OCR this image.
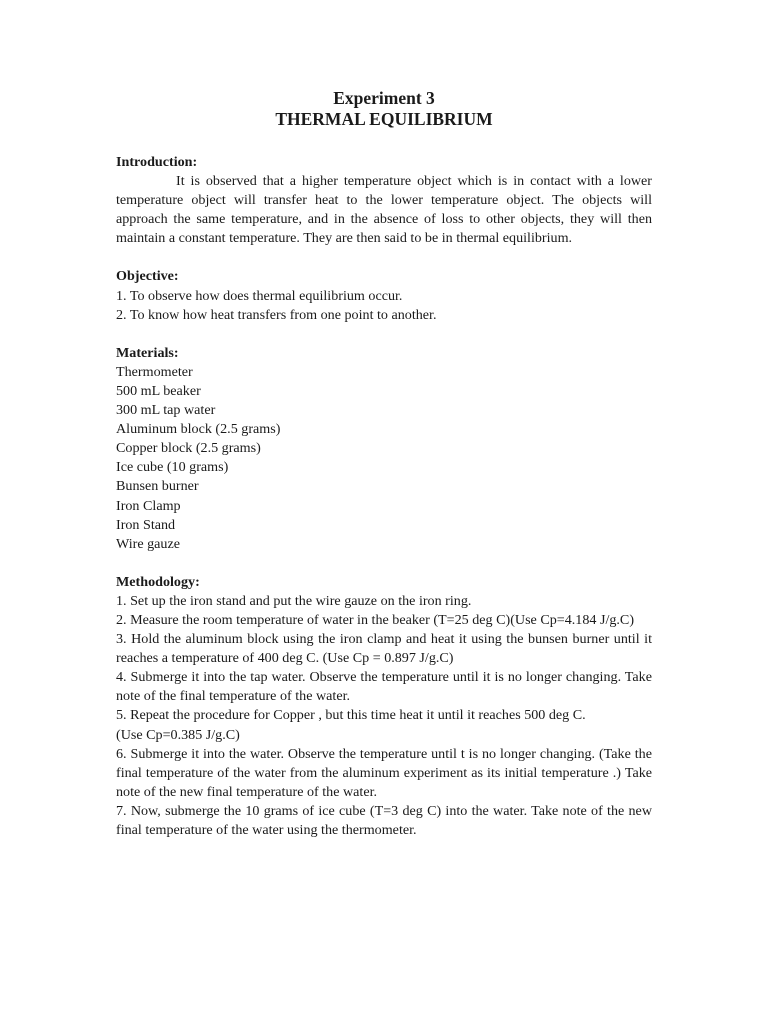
Experiment 3
THERMAL EQUILIBRIUM
Introduction:
It is observed that a higher temperature object which is in contact with a lower temperature object will transfer heat to the lower temperature object. The objects will approach the same temperature, and in the absence of loss to other objects, they will then maintain a constant temperature. They are then said to be in thermal equilibrium.
Objective:
1. To observe how does thermal equilibrium occur.
2. To know how heat transfers from one point to another.
Materials:
Thermometer
500 mL beaker
300 mL tap water
Aluminum block (2.5 grams)
Copper block (2.5 grams)
Ice cube (10 grams)
Bunsen burner
Iron Clamp
Iron Stand
Wire gauze
Methodology:
1. Set up the iron stand and put the wire gauze on the iron ring.
2. Measure the room temperature of water in the beaker (T=25 deg C)(Use Cp=4.184 J/g.C)
3. Hold the aluminum block using the iron clamp and heat it using the bunsen burner until it reaches a temperature of 400 deg C. (Use Cp = 0.897 J/g.C)
4. Submerge it into the tap water. Observe the temperature until it is no longer changing. Take note of the final temperature of the water.
5. Repeat the procedure for Copper , but this time heat it until it reaches 500 deg C.
(Use Cp=0.385 J/g.C)
6. Submerge it into the water. Observe the temperature until t is no longer changing. (Take the final temperature of the water from the aluminum experiment as its initial temperature .) Take note of the new final temperature of the water.
7. Now, submerge the 10 grams of ice cube (T=3 deg C) into the water. Take note of the new final temperature of the water using the thermometer.
